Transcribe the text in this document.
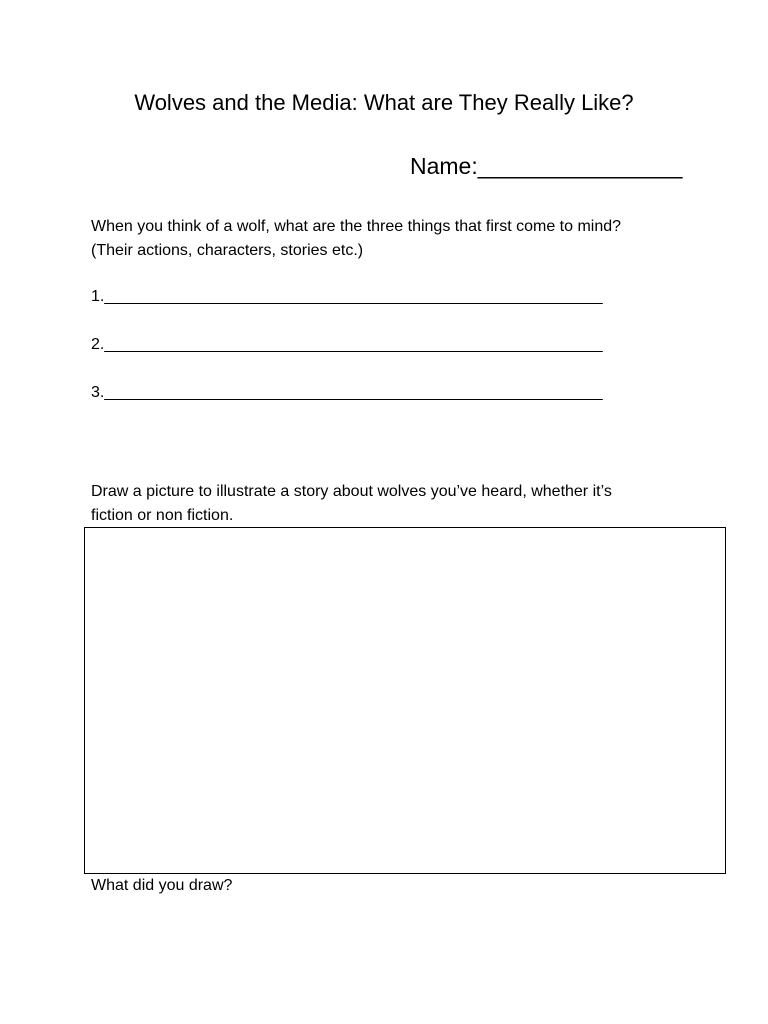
Wolves and the Media: What are They Really Like?
Name:________________
When you think of a wolf, what are the three things that first come to mind?
(Their actions, characters, stories etc.)
1.________________________________________________________
2.________________________________________________________
3.________________________________________________________
Draw a picture to illustrate a story about wolves you’ve heard, whether it’s
fiction or non fiction.
What did you draw?
